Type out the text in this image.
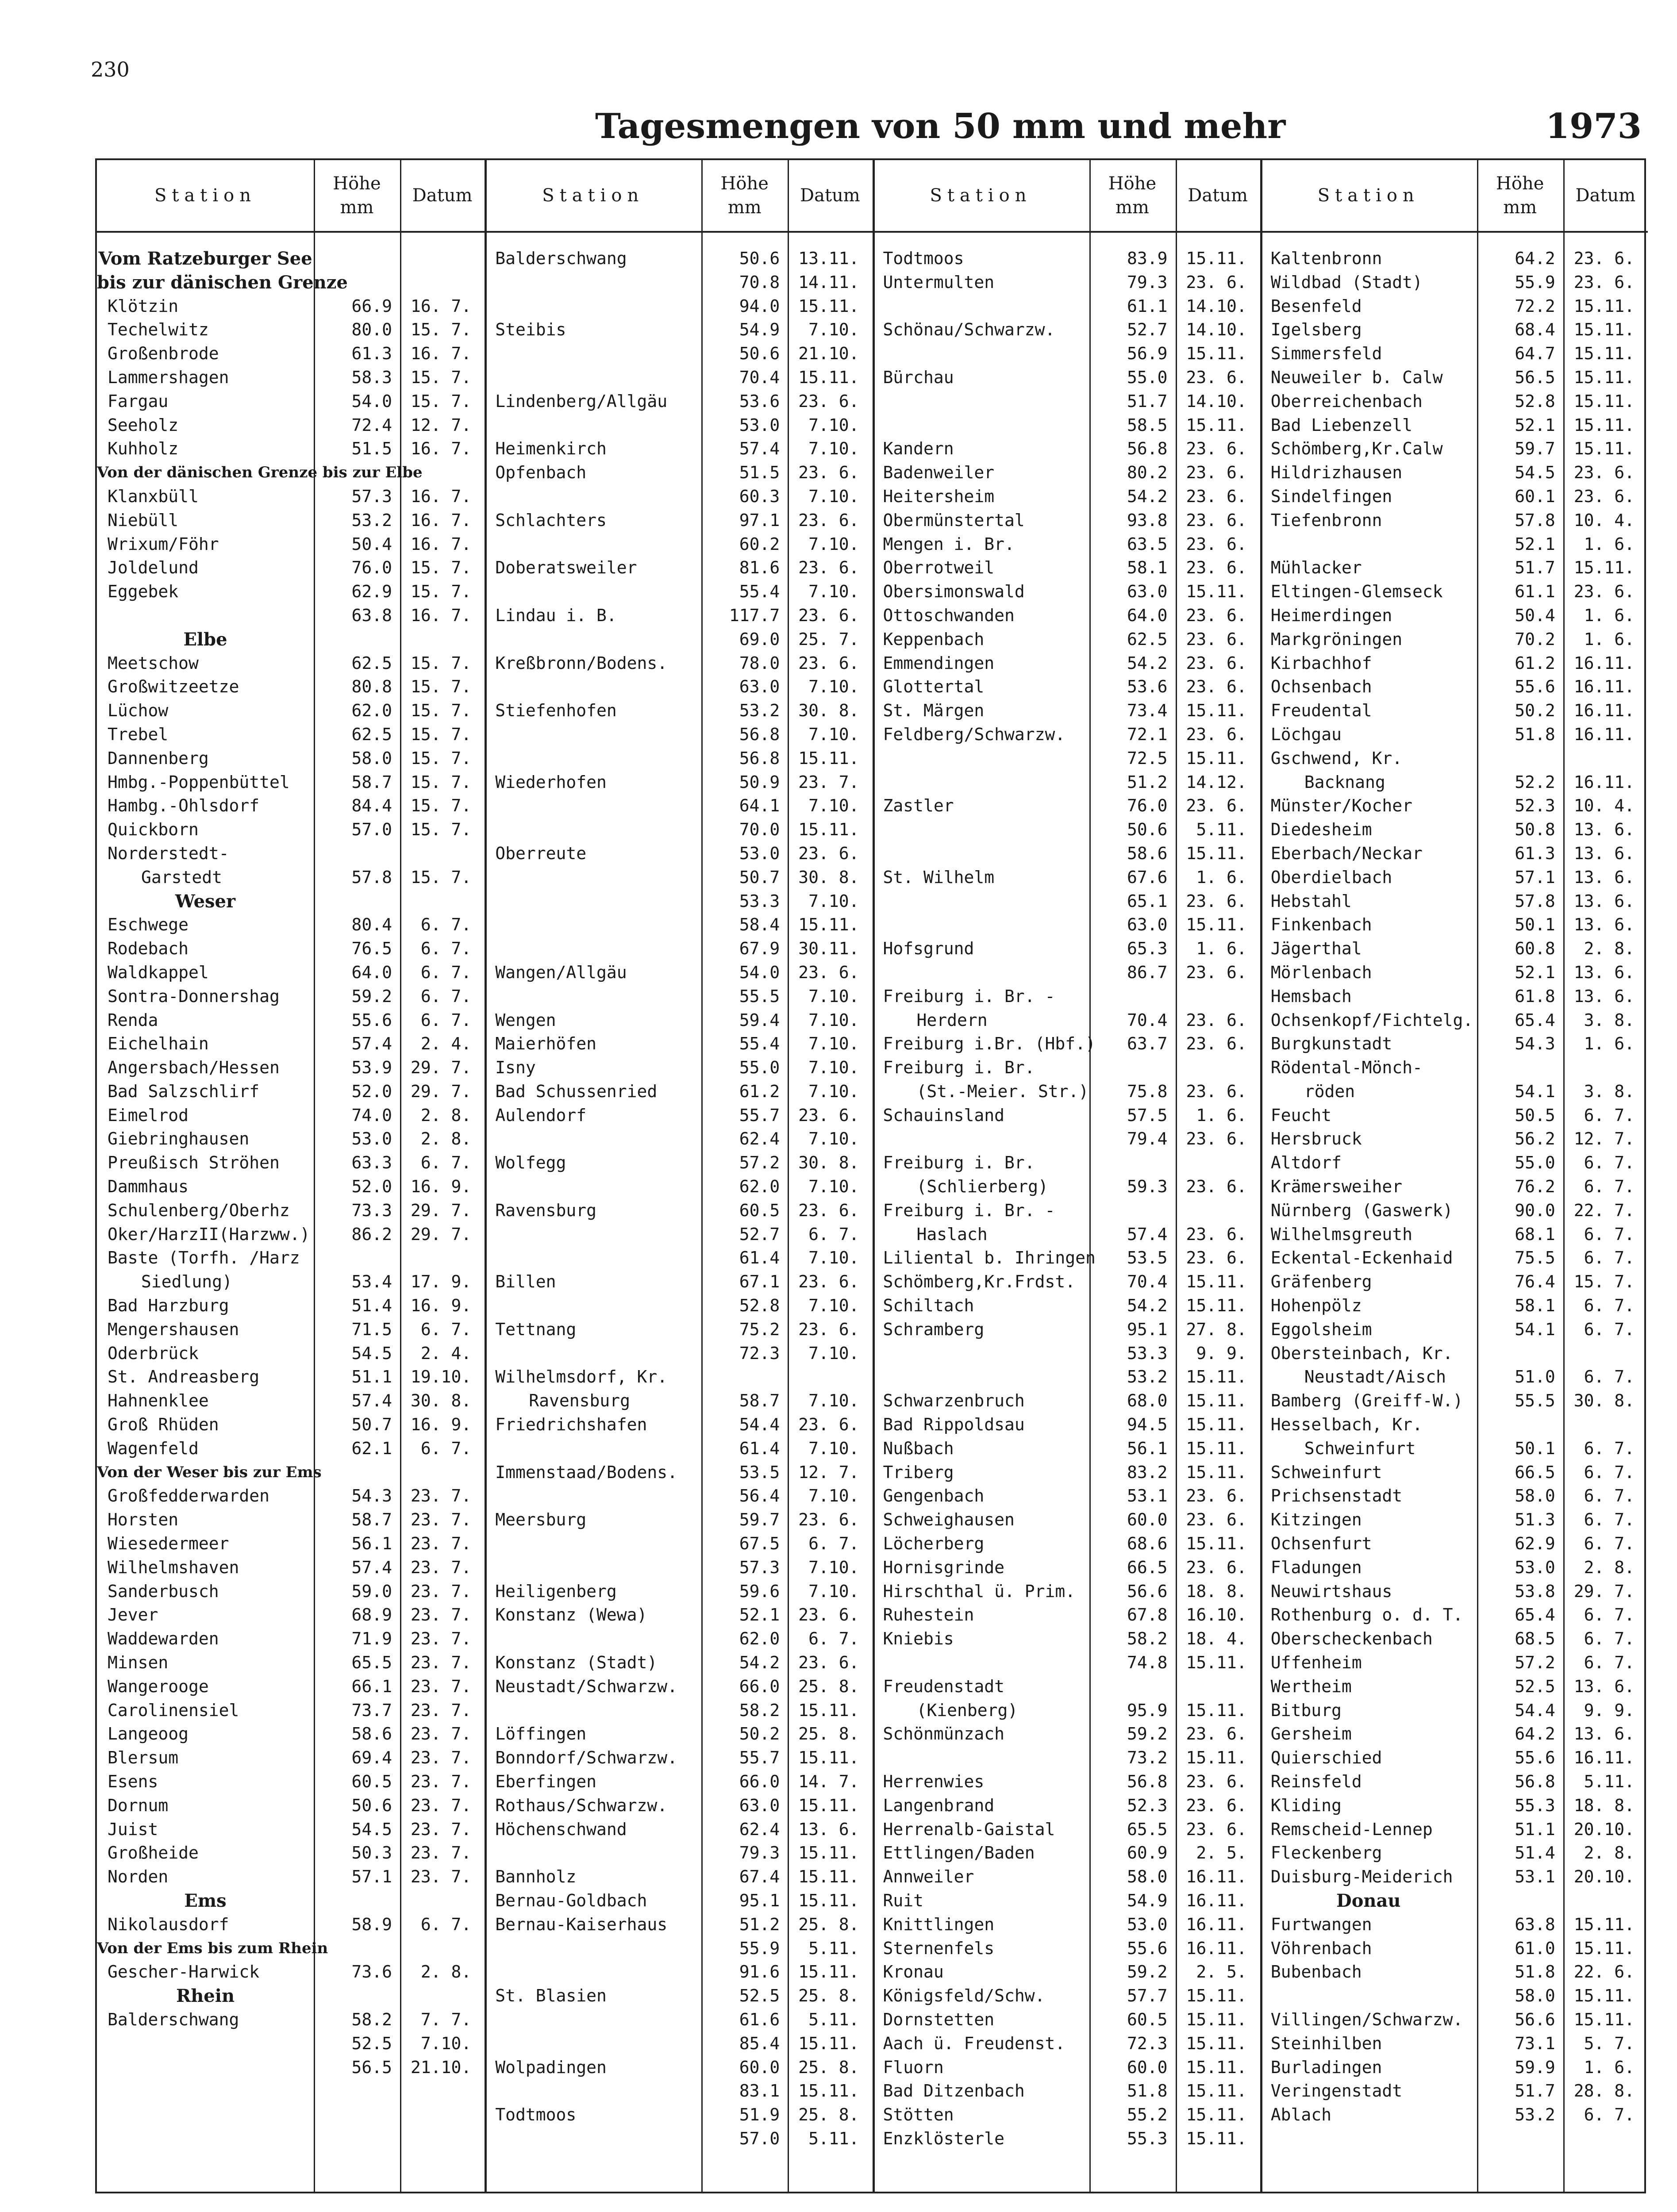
230
Tagesmengen von 50 mm und mehr	1973
Station
Höhe
mm
Datum
Vom Ratzeburger See
bis zur dänischen Grenze
Klötzin	66.9	16. 7.
Techelwitz	80.0	15. 7.
Großenbrode	61.3	16. 7.
Lammershagen	58.3	15. 7.
Fargau	54.0	15. 7.
Seeholz	72.4	12. 7.
Kuhholz	51.5	16. 7.
Von der dänischen Grenze bis zur Elbe
Klanxbüll	57.3	16. 7.
Niebüll	53.2	16. 7.
Wrixum/Föhr	50.4	16. 7.
Joldelund	76.0	15. 7.
Eggebek	62.9	15. 7.
63.8	16. 7.
Elbe
Meetschow	62.5	15. 7.
Großwitzeetze	80.8	15. 7.
Lüchow	62.0	15. 7.
Trebel	62.5	15. 7.
Dannenberg	58.0	15. 7.
Hmbg.-Poppenbüttel	58.7	15. 7.
Hambg.-Ohlsdorf	84.4	15. 7.
Quickborn	57.0	15. 7.
Norderstedt-
Garstedt	57.8	15. 7.
Weser
Eschwege	80.4	6. 7.
Rodebach	76.5	6. 7.
Waldkappel	64.0	6. 7.
Sontra-Donnershag	59.2	6. 7.
Renda	55.6	6. 7.
Eichelhain	57.4	2. 4.
Angersbach/Hessen	53.9	29. 7.
Bad Salzschlirf	52.0	29. 7.
Eimelrod	74.0	2. 8.
Giebringhausen	53.0	2. 8.
Preußisch Ströhen	63.3	6. 7.
Dammhaus	52.0	16. 9.
Schulenberg/Oberhz	73.3	29. 7.
Oker/HarzII(Harzww.)	86.2	29. 7.
Baste (Torfh. /Harz
Siedlung)	53.4	17. 9.
Bad Harzburg	51.4	16. 9.
Mengershausen	71.5	6. 7.
Oderbrück	54.5	2. 4.
St. Andreasberg	51.1	19.10.
Hahnenklee	57.4	30. 8.
Groß Rhüden	50.7	16. 9.
Wagenfeld	62.1	6. 7.
Von der Weser bis zur Ems
Großfedderwarden	54.3	23. 7.
Horsten	58.7	23. 7.
Wiesedermeer	56.1	23. 7.
Wilhelmshaven	57.4	23. 7.
Sanderbusch	59.0	23. 7.
Jever	68.9	23. 7.
Waddewarden	71.9	23. 7.
Minsen	65.5	23. 7.
Wangerooge	66.1	23. 7.
Carolinensiel	73.7	23. 7.
Langeoog	58.6	23. 7.
Blersum	69.4	23. 7.
Esens	60.5	23. 7.
Dornum	50.6	23. 7.
Juist	54.5	23. 7.
Großheide	50.3	23. 7.
Norden	57.1	23. 7.
Ems
Nikolausdorf	58.9	6. 7.
Von der Ems bis zum Rhein
Gescher-Harwick	73.6	2. 8.
Rhein
Balderschwang	58.2	7. 7.
52.5	7.10.
56.5	21.10.
Station
Höhe
mm
Datum
Balderschwang	50.6	13.11.
70.8	14.11.
94.0	15.11.
Steibis	54.9	7.10.
50.6	21.10.
70.4	15.11.
Lindenberg/Allgäu	53.6	23. 6.
53.0	7.10.
Heimenkirch	57.4	7.10.
Opfenbach	51.5	23. 6.
60.3	7.10.
Schlachters	97.1	23. 6.
60.2	7.10.
Doberatsweiler	81.6	23. 6.
55.4	7.10.
Lindau i. B.	117.7	23. 6.
69.0	25. 7.
Kreßbronn/Bodens.	78.0	23. 6.
63.0	7.10.
Stiefenhofen	53.2	30. 8.
56.8	7.10.
56.8	15.11.
Wiederhofen	50.9	23. 7.
64.1	7.10.
70.0	15.11.
Oberreute	53.0	23. 6.
50.7	30. 8.
53.3	7.10.
58.4	15.11.
67.9	30.11.
Wangen/Allgäu	54.0	23. 6.
55.5	7.10.
Wengen	59.4	7.10.
Maierhöfen	55.4	7.10.
Isny	55.0	7.10.
Bad Schussenried	61.2	7.10.
Aulendorf	55.7	23. 6.
62.4	7.10.
Wolfegg	57.2	30. 8.
62.0	7.10.
Ravensburg	60.5	23. 6.
52.7	6. 7.
61.4	7.10.
Billen	67.1	23. 6.
52.8	7.10.
Tettnang	75.2	23. 6.
72.3	7.10.
Wilhelmsdorf, Kr.
Ravensburg	58.7	7.10.
Friedrichshafen	54.4	23. 6.
61.4	7.10.
Immenstaad/Bodens.	53.5	12. 7.
56.4	7.10.
Meersburg	59.7	23. 6.
67.5	6. 7.
57.3	7.10.
Heiligenberg	59.6	7.10.
Konstanz (Wewa)	52.1	23. 6.
62.0	6. 7.
Konstanz (Stadt)	54.2	23. 6.
Neustadt/Schwarzw.	66.0	25. 8.
58.2	15.11.
Löffingen	50.2	25. 8.
Bonndorf/Schwarzw.	55.7	15.11.
Eberfingen	66.0	14. 7.
Rothaus/Schwarzw.	63.0	15.11.
Höchenschwand	62.4	13. 6.
79.3	15.11.
Bannholz	67.4	15.11.
Bernau-Goldbach	95.1	15.11.
Bernau-Kaiserhaus	51.2	25. 8.
55.9	5.11.
91.6	15.11.
St. Blasien	52.5	25. 8.
61.6	5.11.
85.4	15.11.
Wolpadingen	60.0	25. 8.
83.1	15.11.
Todtmoos	51.9	25. 8.
57.0	5.11.
Station
Höhe
mm
Datum
Todtmoos	83.9	15.11.
Untermulten	79.3	23. 6.
61.1	14.10.
Schönau/Schwarzw.	52.7	14.10.
56.9	15.11.
Bürchau	55.0	23. 6.
51.7	14.10.
58.5	15.11.
Kandern	56.8	23. 6.
Badenweiler	80.2	23. 6.
Heitersheim	54.2	23. 6.
Obermünstertal	93.8	23. 6.
Mengen i. Br.	63.5	23. 6.
Oberrotweil	58.1	23. 6.
Obersimonswald	63.0	15.11.
Ottoschwanden	64.0	23. 6.
Keppenbach	62.5	23. 6.
Emmendingen	54.2	23. 6.
Glottertal	53.6	23. 6.
St. Märgen	73.4	15.11.
Feldberg/Schwarzw.	72.1	23. 6.
72.5	15.11.
51.2	14.12.
Zastler	76.0	23. 6.
50.6	5.11.
58.6	15.11.
St. Wilhelm	67.6	1. 6.
65.1	23. 6.
63.0	15.11.
Hofsgrund	65.3	1. 6.
86.7	23. 6.
Freiburg i. Br. -
Herdern	70.4	23. 6.
Freiburg i.Br. (Hbf.)	63.7	23. 6.
Freiburg i. Br.
(St.-Meier. Str.)	75.8	23. 6.
Schauinsland	57.5	1. 6.
79.4	23. 6.
Freiburg i. Br.
(Schlierberg)	59.3	23. 6.
Freiburg i. Br. -
Haslach	57.4	23. 6.
Liliental b. Ihringen	53.5	23. 6.
Schömberg,Kr.Frdst.	70.4	15.11.
Schiltach	54.2	15.11.
Schramberg	95.1	27. 8.
53.3	9. 9.
53.2	15.11.
Schwarzenbruch	68.0	15.11.
Bad Rippoldsau	94.5	15.11.
Nußbach	56.1	15.11.
Triberg	83.2	15.11.
Gengenbach	53.1	23. 6.
Schweighausen	60.0	23. 6.
Löcherberg	68.6	15.11.
Hornisgrinde	66.5	23. 6.
Hirschthal ü. Prim.	56.6	18. 8.
Ruhestein	67.8	16.10.
Kniebis	58.2	18. 4.
74.8	15.11.
Freudenstadt
(Kienberg)	95.9	15.11.
Schönmünzach	59.2	23. 6.
73.2	15.11.
Herrenwies	56.8	23. 6.
Langenbrand	52.3	23. 6.
Herrenalb-Gaistal	65.5	23. 6.
Ettlingen/Baden	60.9	2. 5.
Annweiler	58.0	16.11.
Ruit	54.9	16.11.
Knittlingen	53.0	16.11.
Sternenfels	55.6	16.11.
Kronau	59.2	2. 5.
Königsfeld/Schw.	57.7	15.11.
Dornstetten	60.5	15.11.
Aach ü. Freudenst.	72.3	15.11.
Fluorn	60.0	15.11.
Bad Ditzenbach	51.8	15.11.
Stötten	55.2	15.11.
Enzklösterle	55.3	15.11.
Station
Höhe
mm
Datum
Kaltenbronn	64.2	23. 6.
Wildbad (Stadt)	55.9	23. 6.
Besenfeld	72.2	15.11.
Igelsberg	68.4	15.11.
Simmersfeld	64.7	15.11.
Neuweiler b. Calw	56.5	15.11.
Oberreichenbach	52.8	15.11.
Bad Liebenzell	52.1	15.11.
Schömberg,Kr.Calw	59.7	15.11.
Hildrizhausen	54.5	23. 6.
Sindelfingen	60.1	23. 6.
Tiefenbronn	57.8	10. 4.
52.1	1. 6.
Mühlacker	51.7	15.11.
Eltingen-Glemseck	61.1	23. 6.
Heimerdingen	50.4	1. 6.
Markgröningen	70.2	1. 6.
Kirbachhof	61.2	16.11.
Ochsenbach	55.6	16.11.
Freudental	50.2	16.11.
Löchgau	51.8	16.11.
Gschwend, Kr.
Backnang	52.2	16.11.
Münster/Kocher	52.3	10. 4.
Diedesheim	50.8	13. 6.
Eberbach/Neckar	61.3	13. 6.
Oberdielbach	57.1	13. 6.
Hebstahl	57.8	13. 6.
Finkenbach	50.1	13. 6.
Jägerthal	60.8	2. 8.
Mörlenbach	52.1	13. 6.
Hemsbach	61.8	13. 6.
Ochsenkopf/Fichtelg.	65.4	3. 8.
Burgkunstadt	54.3	1. 6.
Rödental-Mönch-
röden	54.1	3. 8.
Feucht	50.5	6. 7.
Hersbruck	56.2	12. 7.
Altdorf	55.0	6. 7.
Krämersweiher	76.2	6. 7.
Nürnberg (Gaswerk)	90.0	22. 7.
Wilhelmsgreuth	68.1	6. 7.
Eckental-Eckenhaid	75.5	6. 7.
Gräfenberg	76.4	15. 7.
Hohenpölz	58.1	6. 7.
Eggolsheim	54.1	6. 7.
Obersteinbach, Kr.
Neustadt/Aisch	51.0	6. 7.
Bamberg (Greiff-W.)	55.5	30. 8.
Hesselbach, Kr.
Schweinfurt	50.1	6. 7.
Schweinfurt	66.5	6. 7.
Prichsenstadt	58.0	6. 7.
Kitzingen	51.3	6. 7.
Ochsenfurt	62.9	6. 7.
Fladungen	53.0	2. 8.
Neuwirtshaus	53.8	29. 7.
Rothenburg o. d. T.	65.4	6. 7.
Oberscheckenbach	68.5	6. 7.
Uffenheim	57.2	6. 7.
Wertheim	52.5	13. 6.
Bitburg	54.4	9. 9.
Gersheim	64.2	13. 6.
Quierschied	55.6	16.11.
Reinsfeld	56.8	5.11.
Kliding	55.3	18. 8.
Remscheid-Lennep	51.1	20.10.
Fleckenberg	51.4	2. 8.
Duisburg-Meiderich	53.1	20.10.
Donau
Furtwangen	63.8	15.11.
Vöhrenbach	61.0	15.11.
Bubenbach	51.8	22. 6.
58.0	15.11.
Villingen/Schwarzw.	56.6	15.11.
Steinhilben	73.1	5. 7.
Burladingen	59.9	1. 6.
Veringenstadt	51.7	28. 8.
Ablach	53.2	6. 7.
